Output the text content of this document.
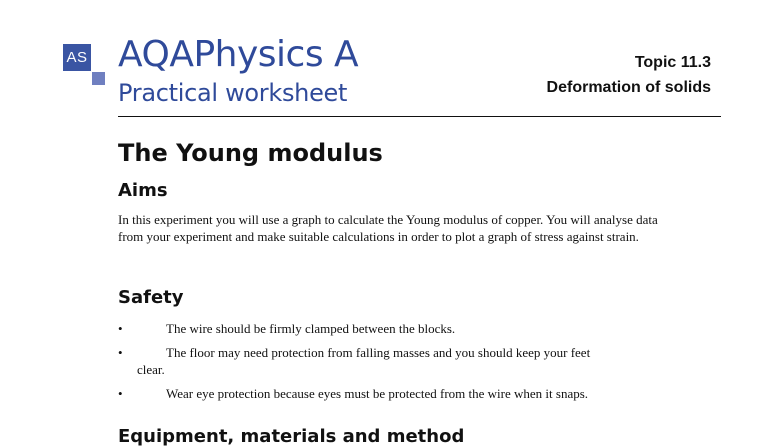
AS AQAPhysics A
Practical worksheet
Topic 11.3
Deformation of solids
The Young modulus
Aims
In this experiment you will use a graph to calculate the Young modulus of copper. You will analyse data from your experiment and make suitable calculations in order to plot a graph of stress against strain.
Safety
•	The wire should be firmly clamped between the blocks.
•	The floor may need protection from falling masses and you should keep your feet
clear.
•	Wear eye protection because eyes must be protected from the wire when it snaps.
Equipment, materials and method
